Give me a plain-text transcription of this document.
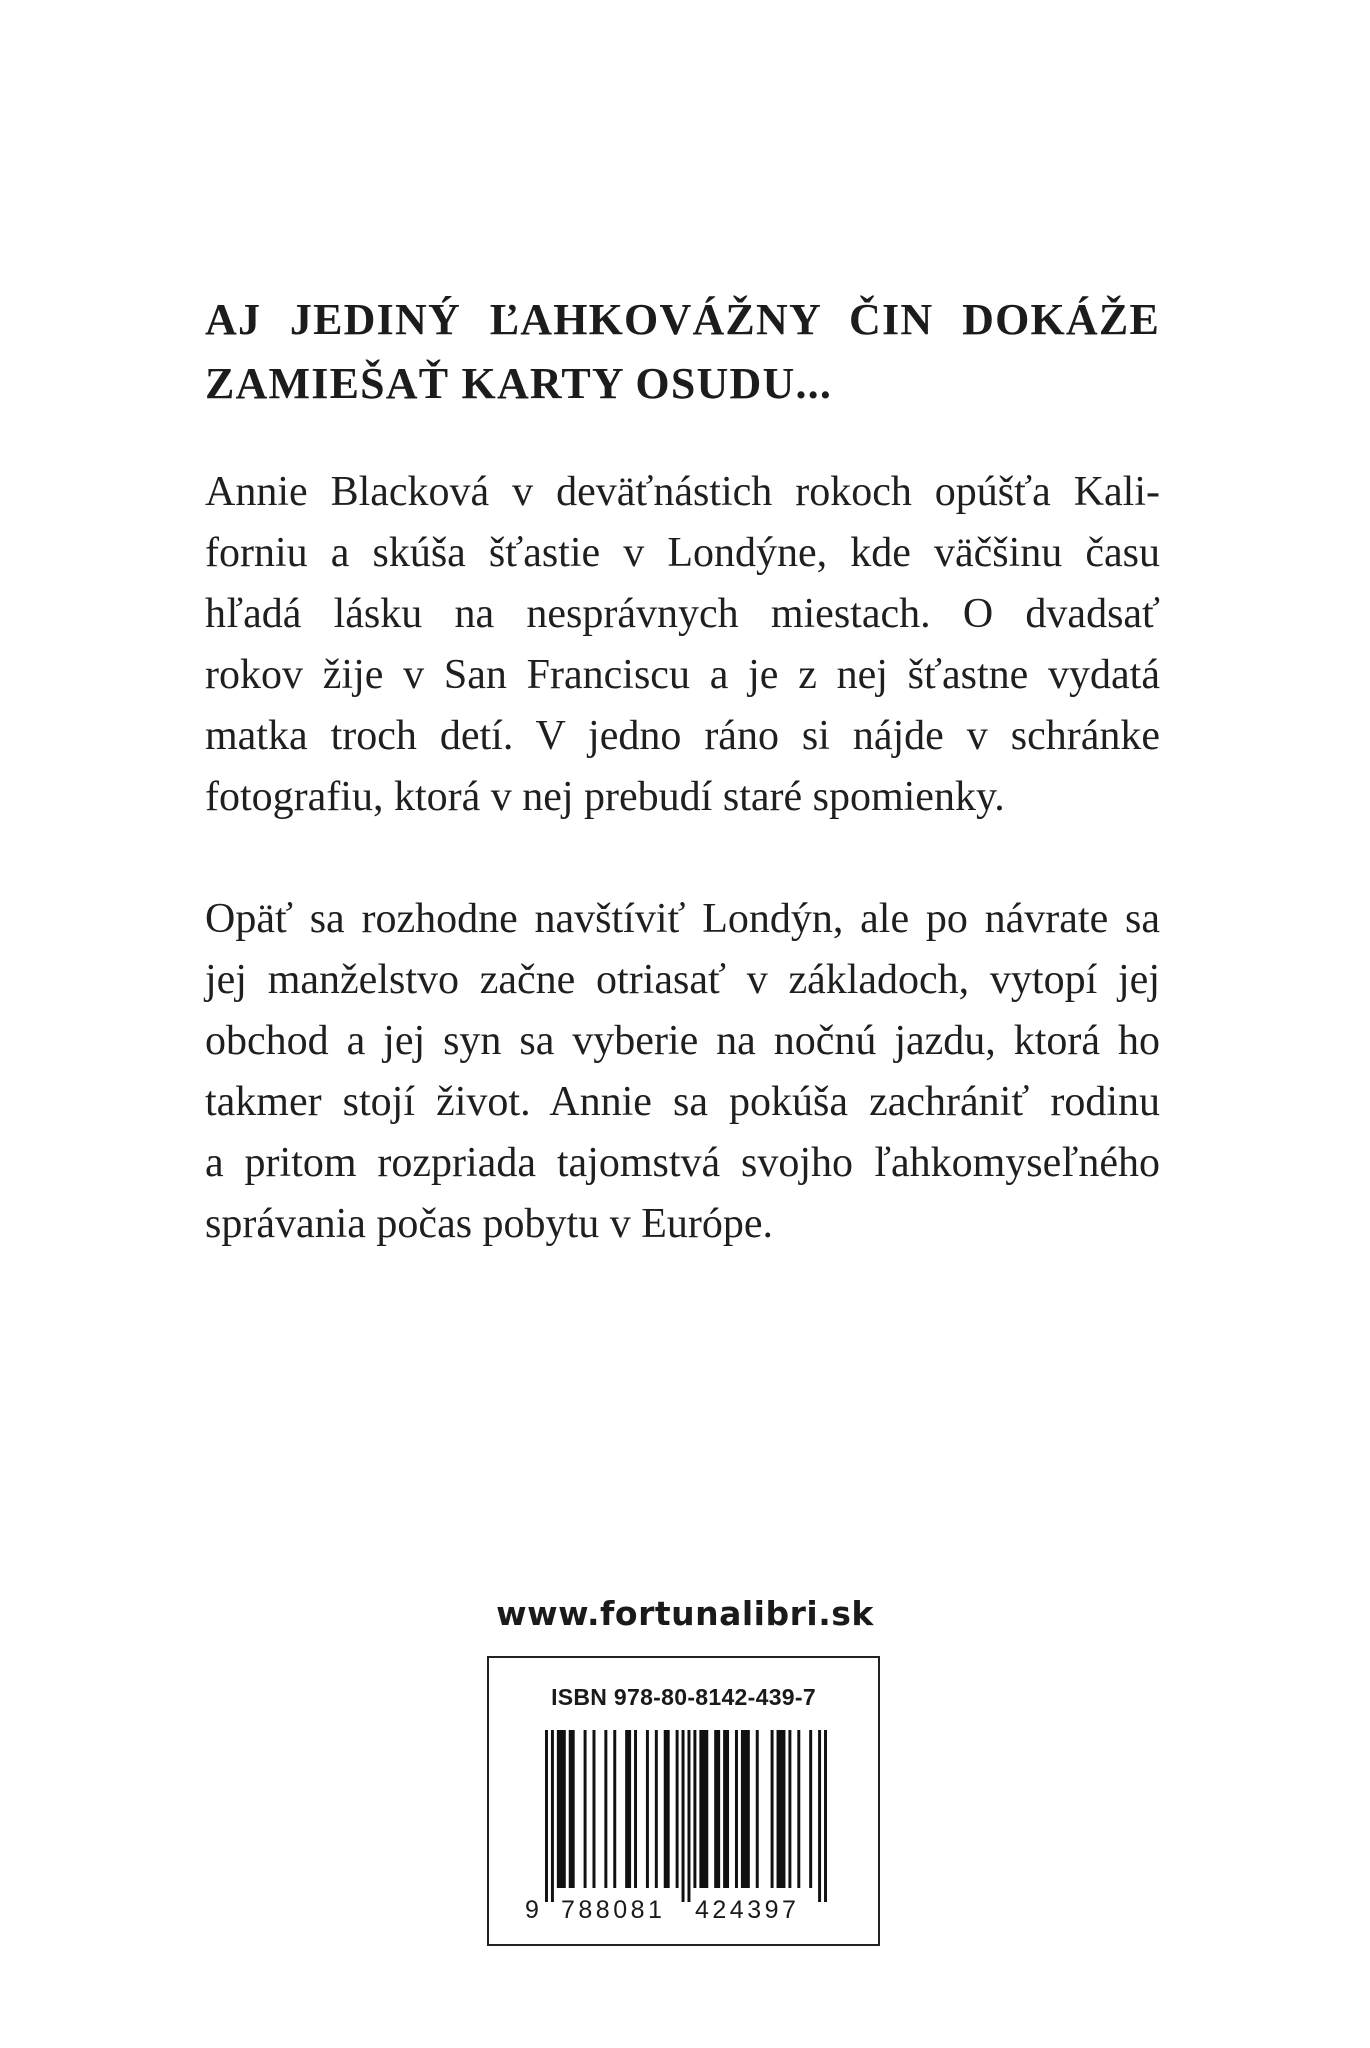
AJ JEDINÝ ĽAHKOVÁŽNY ČIN DOKÁŽE
ZAMIEŠAŤ KARTY OSUDU...

Annie Blacková v deväťnástich rokoch opúšťa Kali-
forniu a skúša šťastie v Londýne, kde väčšinu času
hľadá lásku na nesprávnych miestach. O dvadsať
rokov žije v San Franciscu a je z nej šťastne vydatá
matka troch detí. V jedno ráno si nájde v schránke
fotografiu, ktorá v nej prebudí staré spomienky.

Opäť sa rozhodne navštíviť Londýn, ale po návrate sa
jej manželstvo začne otriasať v základoch, vytopí jej
obchod a jej syn sa vyberie na nočnú jazdu, ktorá ho
takmer stojí život. Annie sa pokúša zachrániť rodinu
a pritom rozpriada tajomstvá svojho ľahkomyseľného
správania počas pobytu v Európe.

www.fortunalibri.sk
ISBN 978-80-8142-439-7
9 788081 424397
